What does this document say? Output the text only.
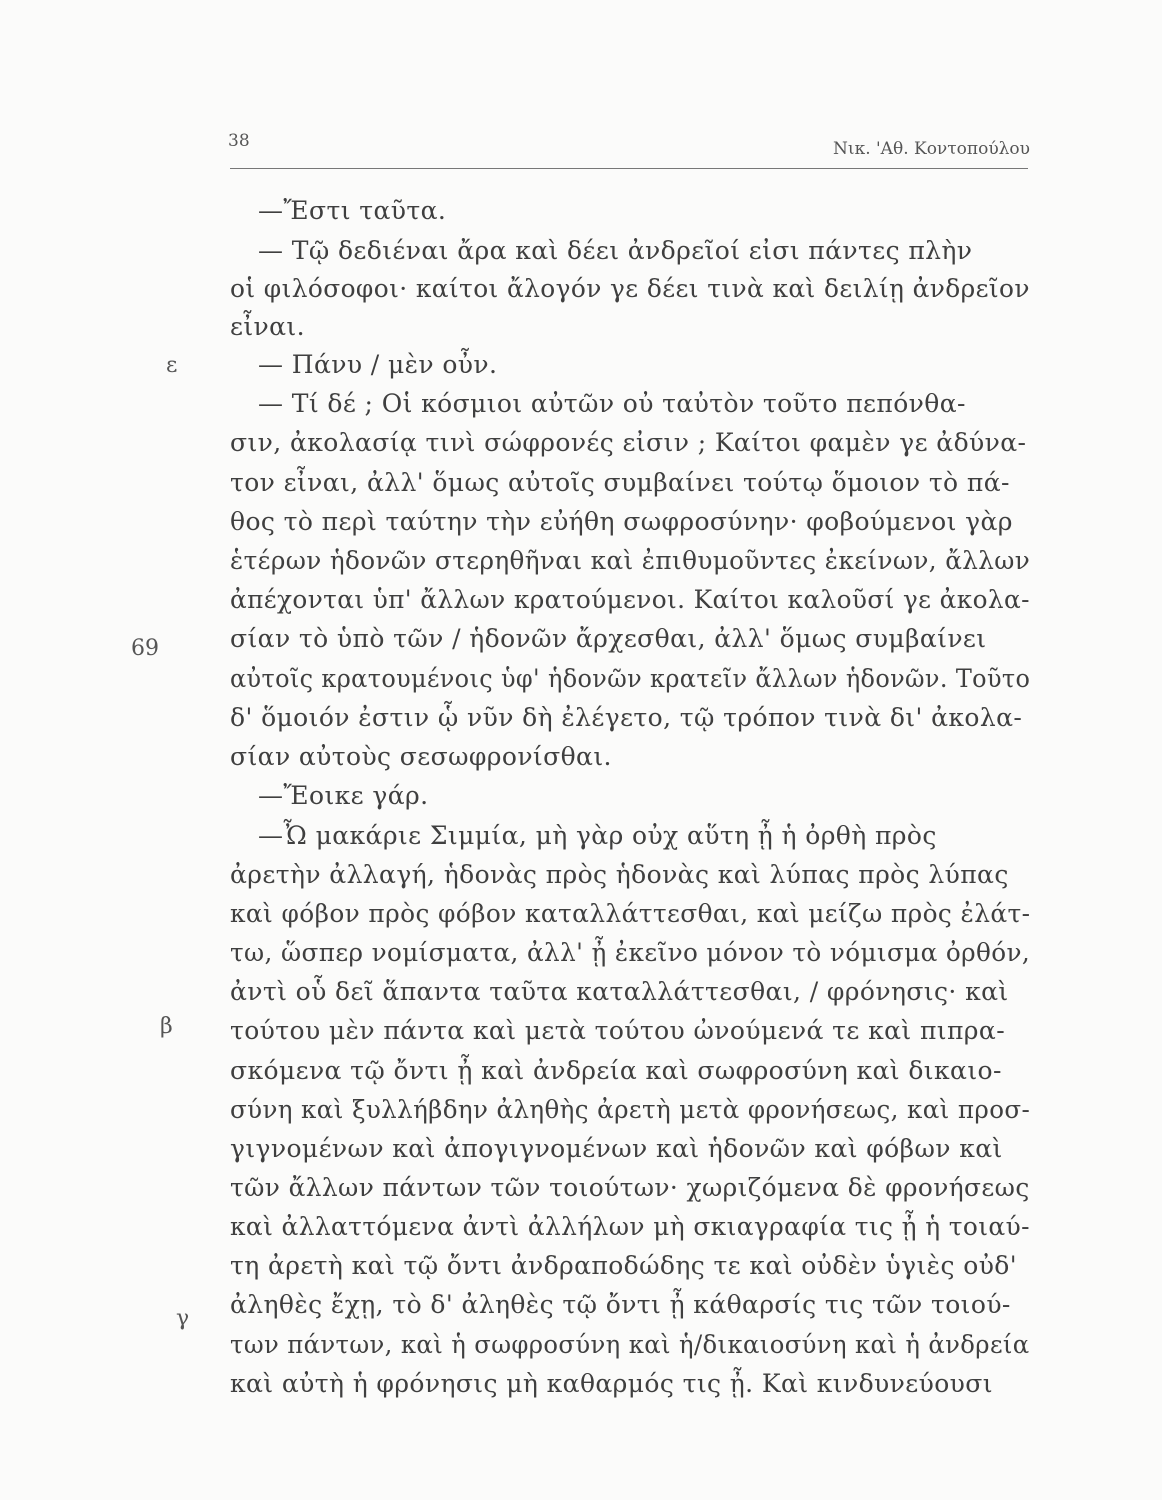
38	Νικ. 'Αθ. Κοντοπούλου
ε
69
β
γ
—Ἔστι ταῦτα.
— Τῷ δεδιέναι ἄρα καὶ δέει ἀνδρεῖοί εἰσι πάντες πλὴν
οἱ φιλόσοφοι· καίτοι ἄλογόν γε δέει τινὰ καὶ δειλίῃ ἀνδρεῖον
εἶναι.
— Πάνυ / μὲν οὖν.
— Τί δέ ; Οἱ κόσμιοι αὐτῶν οὐ ταὐτὸν τοῦτο πεπόνθα-
σιν, ἀκολασίᾳ τινὶ σώφρονές εἰσιν ; Καίτοι φαμὲν γε ἀδύνα-
τον εἶναι, ἀλλ' ὅμως αὐτοῖς συμβαίνει τούτῳ ὅμοιον τὸ πά-
θος τὸ περὶ ταύτην τὴν εὐήθη σωφροσύνην· φοβούμενοι γὰρ
ἑτέρων ἡδονῶν στερηθῆναι καὶ ἐπιθυμοῦντες ἐκείνων, ἄλλων
ἀπέχονται ὑπ' ἄλλων κρατούμενοι. Καίτοι καλοῦσί γε ἀκολα-
σίαν τὸ ὑπὸ τῶν / ἡδονῶν ἄρχεσθαι, ἀλλ' ὅμως συμβαίνει
αὐτοῖς κρατουμένοις ὑφ' ἡδονῶν κρατεῖν ἄλλων ἡδονῶν. Τοῦτο
δ' ὅμοιόν ἐστιν ᾧ νῦν δὴ ἐλέγετο, τῷ τρόπον τινὰ δι' ἀκολα-
σίαν αὐτοὺς σεσωφρονίσθαι.
—Ἔοικε γάρ.
—Ὦ μακάριε Σιμμία, μὴ γὰρ οὐχ αὕτη ᾖ ἡ ὀρθὴ πρὸς
ἀρετὴν ἀλλαγή, ἡδονὰς πρὸς ἡδονὰς καὶ λύπας πρὸς λύπας
καὶ φόβον πρὸς φόβον καταλλάττεσθαι, καὶ μείζω πρὸς ἐλάτ-
τω, ὥσπερ νομίσματα, ἀλλ' ᾖ ἐκεῖνο μόνον τὸ νόμισμα ὀρθόν,
ἀντὶ οὗ δεῖ ἅπαντα ταῦτα καταλλάττεσθαι, / φρόνησις· καὶ
τούτου μὲν πάντα καὶ μετὰ τούτου ὠνούμενά τε καὶ πιπρα-
σκόμενα τῷ ὄντι ᾖ καὶ ἀνδρεία καὶ σωφροσύνη καὶ δικαιο-
σύνη καὶ ξυλλήβδην ἀληθὴς ἀρετὴ μετὰ φρονήσεως, καὶ προσ-
γιγνομένων καὶ ἀπογιγνομένων καὶ ἡδονῶν καὶ φόβων καὶ
τῶν ἄλλων πάντων τῶν τοιούτων· χωριζόμενα δὲ φρονήσεως
καὶ ἀλλαττόμενα ἀντὶ ἀλλήλων μὴ σκιαγραφία τις ᾖ ἡ τοιαύ-
τη ἀρετὴ καὶ τῷ ὄντι ἀνδραποδώδης τε καὶ οὐδὲν ὑγιὲς οὐδ'
ἀληθὲς ἔχῃ, τὸ δ' ἀληθὲς τῷ ὄντι ᾖ κάθαρσίς τις τῶν τοιού-
των πάντων, καὶ ἡ σωφροσύνη καὶ ἡ/δικαιοσύνη καὶ ἡ ἀνδρεία
καὶ αὐτὴ ἡ φρόνησις μὴ καθαρμός τις ᾖ. Καὶ κινδυνεύουσι
